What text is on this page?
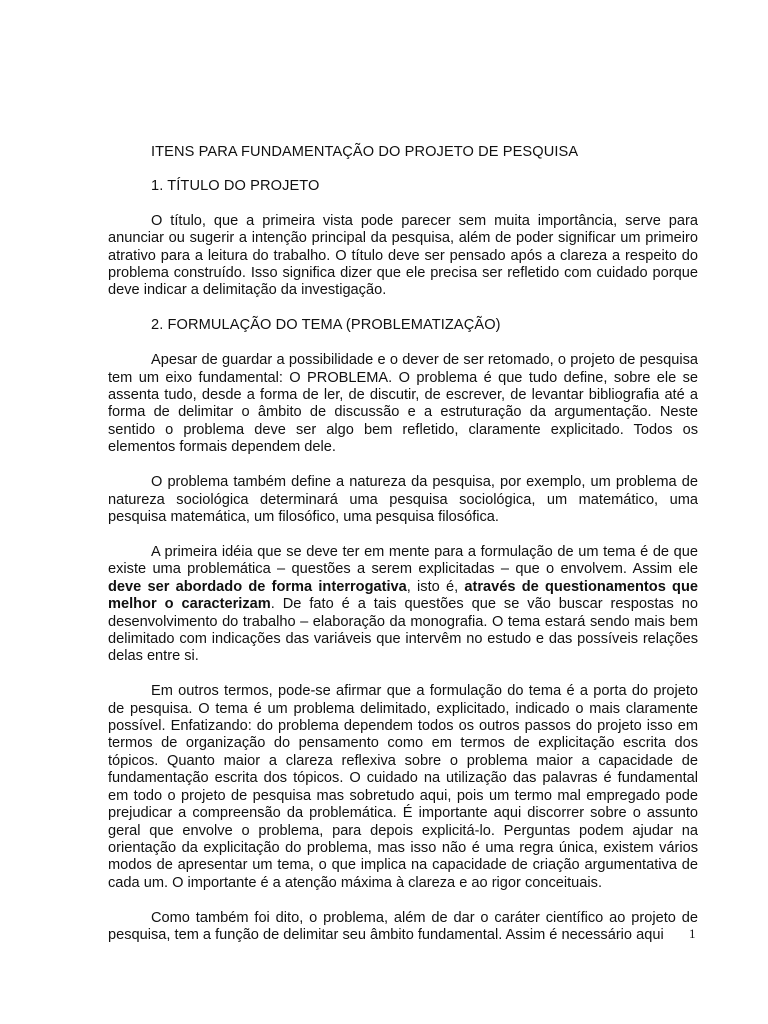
ITENS PARA FUNDAMENTAÇÃO DO PROJETO DE PESQUISA
1. TÍTULO DO PROJETO

O título, que a primeira vista pode parecer sem muita importância, serve para anunciar ou sugerir a intenção principal da pesquisa, além de poder significar um primeiro atrativo para a leitura do trabalho. O título deve ser pensado após a clareza a respeito do problema construído. Isso significa dizer que ele precisa ser refletido com cuidado porque deve indicar a delimitação da investigação.

2. FORMULAÇÃO DO TEMA (PROBLEMATIZAÇÃO)

Apesar de guardar a possibilidade e o dever de ser retomado, o projeto de pesquisa tem um eixo fundamental: O PROBLEMA. O problema é que tudo define, sobre ele se assenta tudo, desde a forma de ler, de discutir, de escrever, de levantar bibliografia até a forma de delimitar o âmbito de discussão e a estruturação da argumentação. Neste sentido o problema deve ser algo bem refletido, claramente explicitado. Todos os elementos formais dependem dele.

O problema também define a natureza da pesquisa, por exemplo, um problema de natureza sociológica determinará uma pesquisa sociológica, um matemático, uma pesquisa matemática, um filosófico, uma pesquisa filosófica.

A primeira idéia que se deve ter em mente para a formulação de um tema é de que existe uma problemática – questões a serem explicitadas – que o envolvem. Assim ele deve ser abordado de forma interrogativa, isto é, através de questionamentos que melhor o caracterizam. De fato é a tais questões que se vão buscar respostas no desenvolvimento do trabalho – elaboração da monografia. O tema estará sendo mais bem delimitado com indicações das variáveis que intervêm no estudo e das possíveis relações delas entre si.

Em outros termos, pode-se afirmar que a formulação do tema é a porta do projeto de pesquisa. O tema é um problema delimitado, explicitado, indicado o mais claramente possível. Enfatizando: do problema dependem todos os outros passos do projeto isso em termos de organização do pensamento como em termos de explicitação escrita dos tópicos. Quanto maior a clareza reflexiva sobre o problema maior a capacidade de fundamentação escrita dos tópicos. O cuidado na utilização das palavras é fundamental em todo o projeto de pesquisa mas sobretudo aqui, pois um termo mal empregado pode prejudicar a compreensão da problemática. É importante aqui discorrer sobre o assunto geral que envolve o problema, para depois explicitá-lo. Perguntas podem ajudar na orientação da explicitação do problema, mas isso não é uma regra única, existem vários modos de apresentar um tema, o que implica na capacidade de criação argumentativa de cada um. O importante é a atenção máxima à clareza e ao rigor conceituais.

Como também foi dito, o problema, além de dar o caráter científico ao projeto de pesquisa, tem a função de delimitar seu âmbito fundamental. Assim é necessário aqui	1
